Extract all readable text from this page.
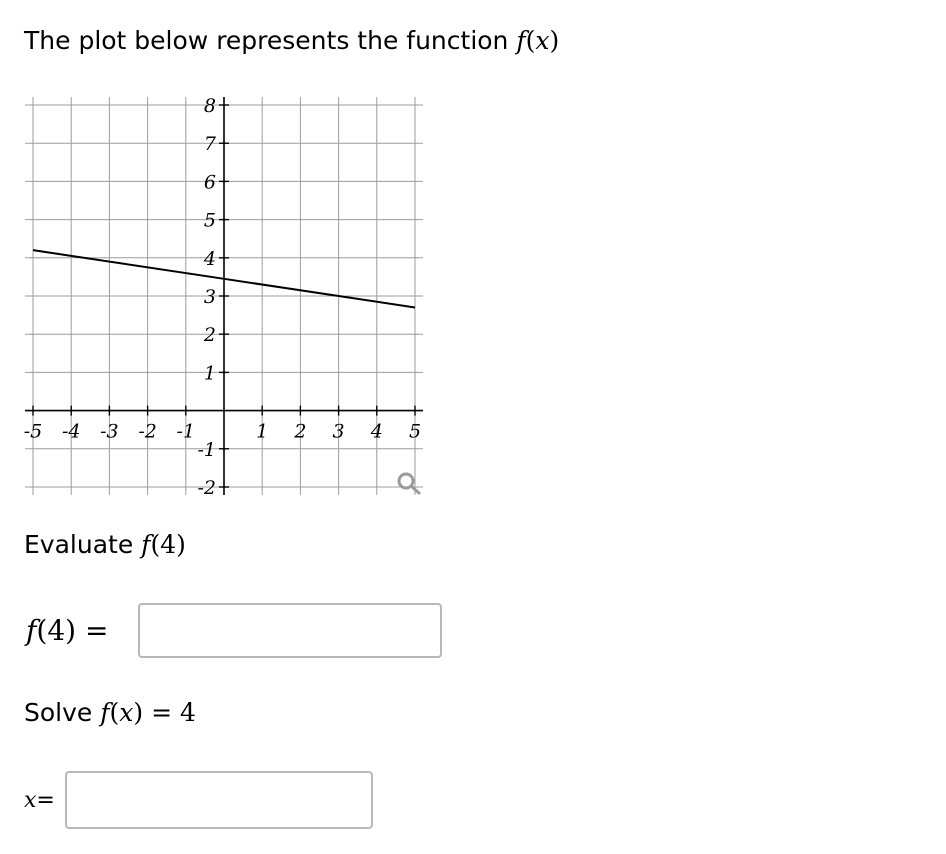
The plot below represents the function f(x)
-5 -4 -3 -2 -1	1 2 3 4 5
8
7
6
5
4
3
2
1
-1
-2
Evaluate f(4)
f(4) =
Solve f(x) = 4
x=
